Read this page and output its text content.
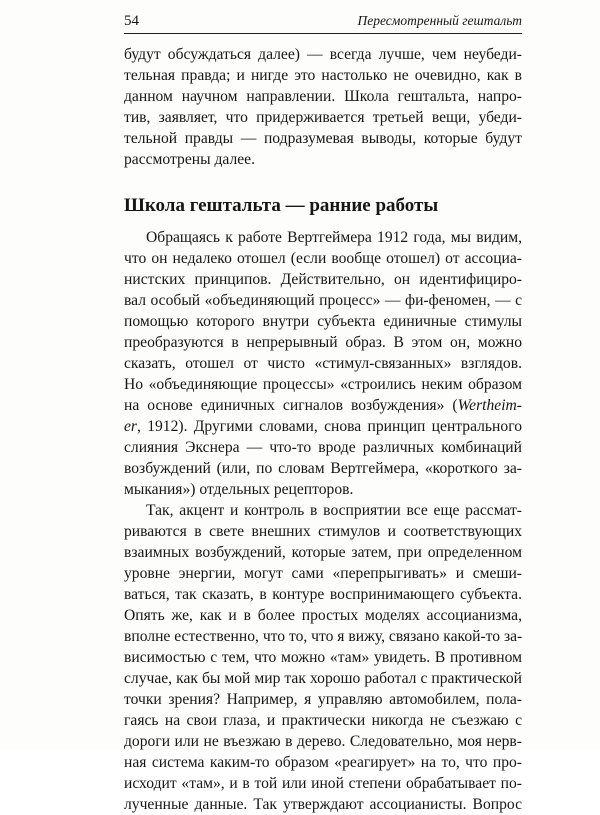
54	Пересмотренный гештальт
будут обсуждаться далее) — всегда лучше, чем неубеди-
тельная правда; и нигде это настолько не очевидно, как в
данном научном направлении. Школа гештальта, напро-
тив, заявляет, что придерживается третьей вещи, убеди-
тельной правды — подразумевая выводы, которые будут
рассмотрены далее.
Школа гештальта — ранние работы
Обращаясь к работе Вертгеймера 1912 года, мы видим,
что он недалеко отошел (если вообще отошел) от ассоциа-
нистских принципов. Действительно, он идентифициро-
вал особый «объединяющий процесс» — фи-феномен, — с
помощью которого внутри субъекта единичные стимулы
преобразуются в непрерывный образ. В этом он, можно
сказать, отошел от чисто «стимул-связанных» взглядов.
Но «объединяющие процессы» «строились неким образом
на основе единичных сигналов возбуждения» (Wertheim-
er, 1912). Другими словами, снова принцип центрального
слияния Экснера — что-то вроде различных комбинаций
возбуждений (или, по словам Вертгеймера, «короткого за-
мыкания») отдельных рецепторов.
Так, акцент и контроль в восприятии все еще рассмат-
риваются в свете внешних стимулов и соответствующих
взаимных возбуждений, которые затем, при определенном
уровне энергии, могут сами «перепрыгивать» и смеши-
ваться, так сказать, в контуре воспринимающего субъекта.
Опять же, как и в более простых моделях ассоцианизма,
вполне естественно, что то, что я вижу, связано какой-то за-
висимостью с тем, что можно «там» увидеть. В противном
случае, как бы мой мир так хорошо работал с практической
точки зрения? Например, я управляю автомобилем, пола-
гаясь на свои глаза, и практически никогда не съезжаю с
дороги или не въезжаю в дерево. Следовательно, моя нерв-
ная система каким-то образом «реагирует» на то, что про-
исходит «там», и в той или иной степени обрабатывает по-
лученные данные. Так утверждают ассоцианисты. Вопрос
